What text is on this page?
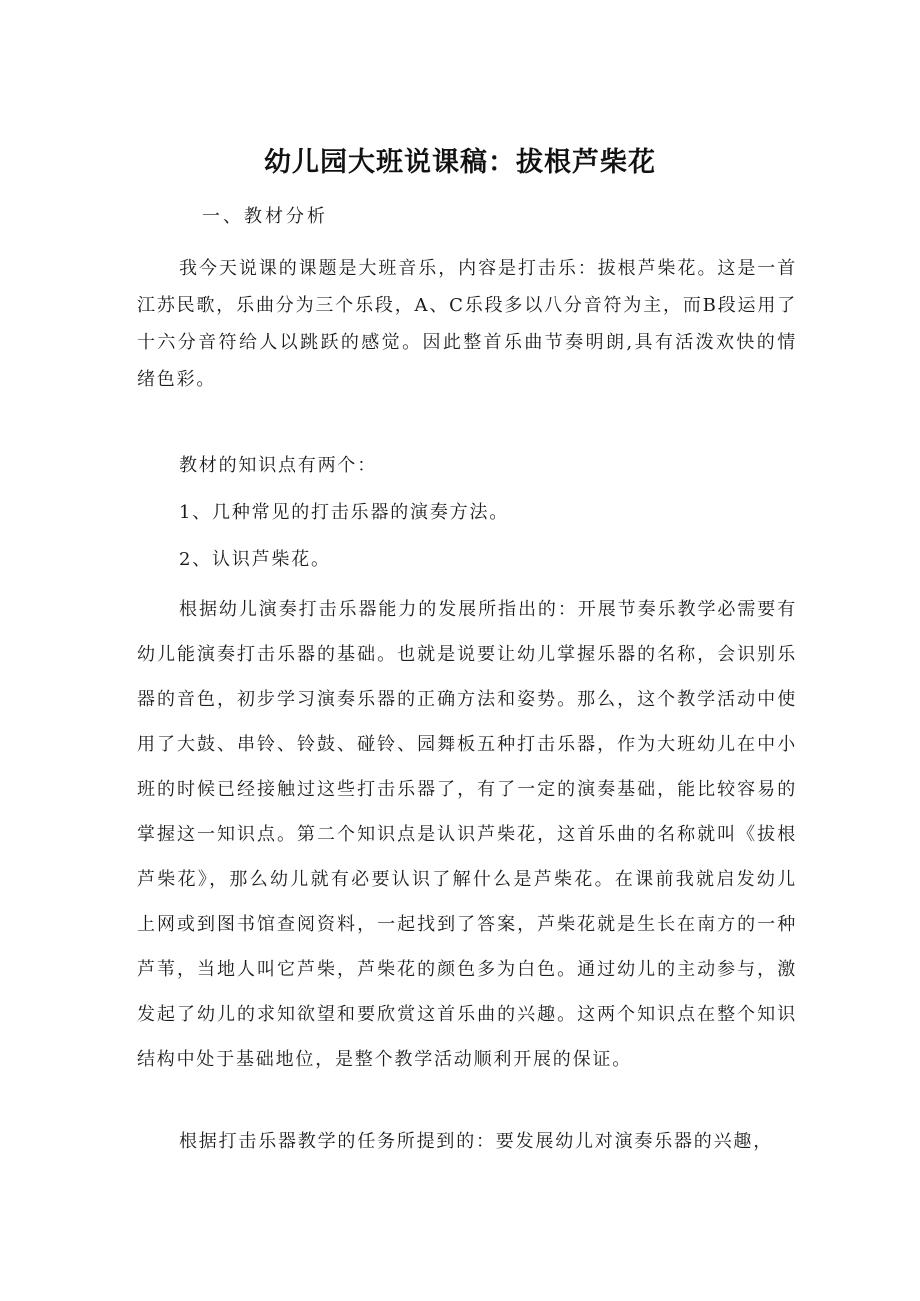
幼儿园大班说课稿：拔根芦柴花
一、教材分析
我今天说课的课题是大班音乐，内容是打击乐：拔根芦柴花。这是一首江苏民歌，乐曲分为三个乐段，A、C乐段多以八分音符为主，而B段运用了十六分音符给人以跳跃的感觉。因此整首乐曲节奏明朗,具有活泼欢快的情绪色彩。
教材的知识点有两个：
1、几种常见的打击乐器的演奏方法。
2、认识芦柴花。
根据幼儿演奏打击乐器能力的发展所指出的：开展节奏乐教学必需要有幼儿能演奏打击乐器的基础。也就是说要让幼儿掌握乐器的名称，会识别乐器的音色，初步学习演奏乐器的正确方法和姿势。那么，这个教学活动中使用了大鼓、串铃、铃鼓、碰铃、园舞板五种打击乐器，作为大班幼儿在中小班的时候已经接触过这些打击乐器了，有了一定的演奏基础，能比较容易的掌握这一知识点。第二个知识点是认识芦柴花，这首乐曲的名称就叫《拔根芦柴花》，那么幼儿就有必要认识了解什么是芦柴花。在课前我就启发幼儿上网或到图书馆查阅资料，一起找到了答案，芦柴花就是生长在南方的一种芦苇，当地人叫它芦柴，芦柴花的颜色多为白色。通过幼儿的主动参与，激发起了幼儿的求知欲望和要欣赏这首乐曲的兴趣。这两个知识点在整个知识结构中处于基础地位，是整个教学活动顺利开展的保证。
根据打击乐器教学的任务所提到的：要发展幼儿对演奏乐器的兴趣，
